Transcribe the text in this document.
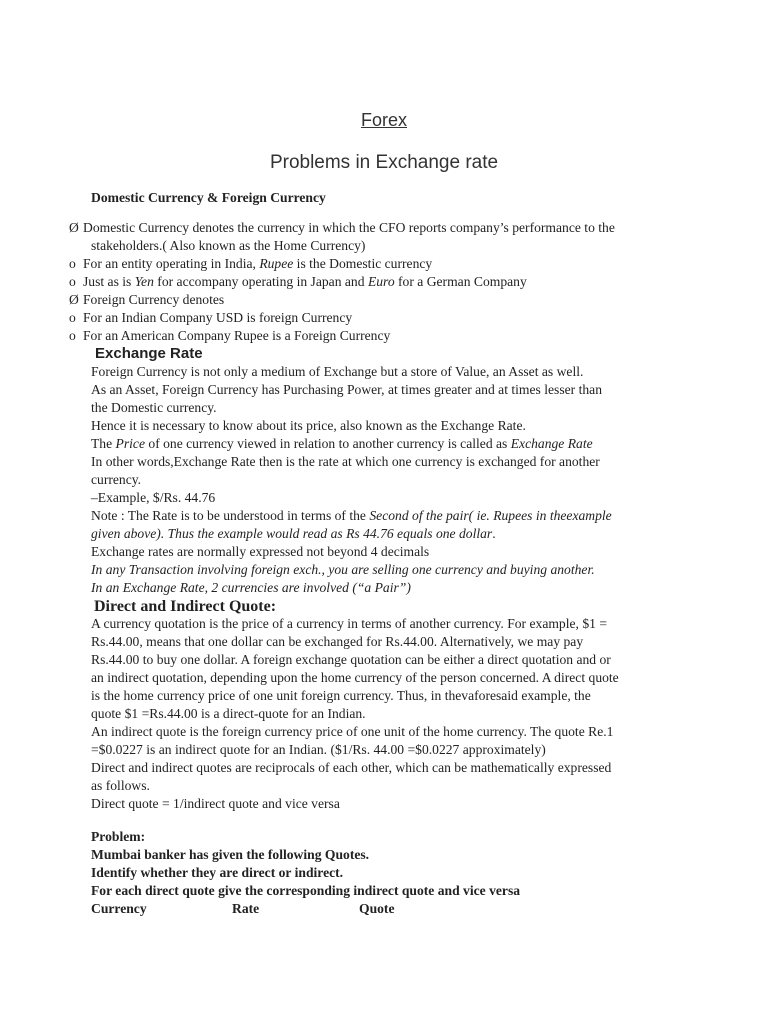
Forex
Problems in Exchange rate
Domestic Currency & Foreign Currency
Ø Domestic Currency denotes the currency in which the CFO reports company’s performance to the
stakeholders.( Also known as the Home Currency)
o For an entity operating in India, Rupee is the Domestic currency
o Just as is Yen for accompany operating in Japan and Euro for a German Company
Ø Foreign Currency denotes
o For an Indian Company USD is foreign Currency
o For an American Company Rupee is a Foreign Currency
Exchange Rate
Foreign Currency is not only a medium of Exchange but a store of Value, an Asset as well.
As an Asset, Foreign Currency has Purchasing Power, at times greater and at times lesser than
the Domestic currency.
Hence it is necessary to know about its price, also known as the Exchange Rate.
The Price of one currency viewed in relation to another currency is called as Exchange Rate
In other words,Exchange Rate then is the rate at which one currency is exchanged for another
currency.
–Example, $/Rs. 44.76
Note : The Rate is to be understood in terms of the Second of the pair( ie. Rupees in theexample
given above). Thus the example would read as Rs 44.76 equals one dollar.
Exchange rates are normally expressed not beyond 4 decimals
In any Transaction involving foreign exch., you are selling one currency and buying another.
In an Exchange Rate, 2 currencies are involved (“a Pair”)
Direct and Indirect Quote:
A currency quotation is the price of a currency in terms of another currency. For example, $1 =
Rs.44.00, means that one dollar can be exchanged for Rs.44.00. Alternatively, we may pay
Rs.44.00 to buy one dollar. A foreign exchange quotation can be either a direct quotation and or
an indirect quotation, depending upon the home currency of the person concerned. A direct quote
is the home currency price of one unit foreign currency. Thus, in thevaforesaid example, the
quote $1 =Rs.44.00 is a direct-quote for an Indian.
An indirect quote is the foreign currency price of one unit of the home currency. The quote Re.1
=$0.0227 is an indirect quote for an Indian. ($1/Rs. 44.00 =$0.0227 approximately)
Direct and indirect quotes are reciprocals of each other, which can be mathematically expressed
as follows.
Direct quote = 1/indirect quote and vice versa
Problem:
Mumbai banker has given the following Quotes.
Identify whether they are direct or indirect.
For each direct quote give the corresponding indirect quote and vice versa
Currency	Rate	Quote
